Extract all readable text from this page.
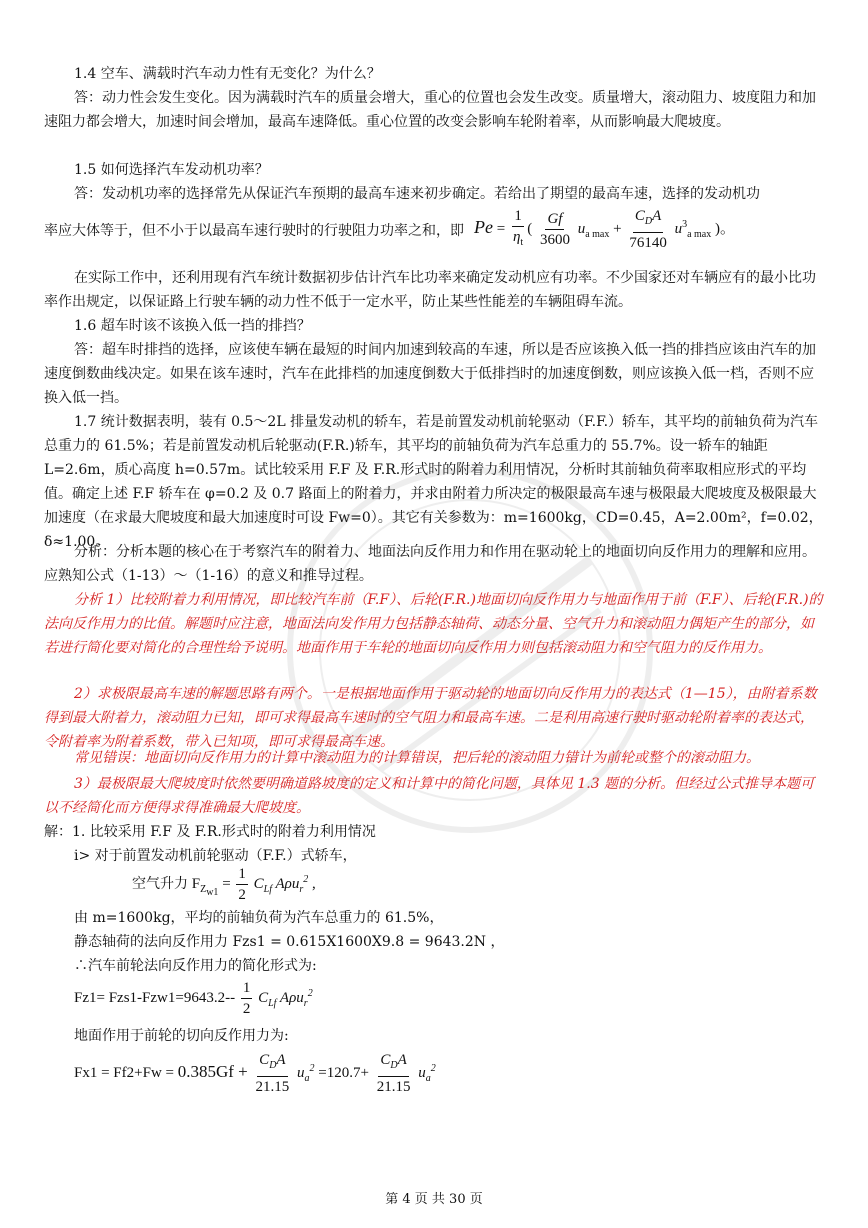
1.4 空车、满载时汽车动力性有无变化？为什么？

答：动力性会发生变化。因为满载时汽车的质量会增大，重心的位置也会发生改变。质量增大，滚动阻力、坡度阻力和加速阻力都会增大，加速时间会增加，最高车速降低。重心位置的改变会影响车轮附着率，从而影响最大爬坡度。

1.5 如何选择汽车发动机功率？

答：发动机功率的选择常先从保证汽车预期的最高车速来初步确定。若给出了期望的最高车速，选择的发动机功

率应大体等于，但不小于以最高车速行驶时的行驶阻力功率之和，即 $Pe = \frac{1}{\eta_t}$ ( $\frac{Gf}{3600} u_{a max} + \frac{C_DA}{76140} u^3_{a max}$ )。

在实际工作中，还利用现有汽车统计数据初步估计汽车比功率来确定发动机应有功率。不少国家还对车辆应有的最小比功率作出规定，以保证路上行驶车辆的动力性不低于一定水平，防止某些性能差的车辆阻碍车流。

1.6 超车时该不该换入低一挡的排挡？

答：超车时排挡的选择，应该使车辆在最短的时间内加速到较高的车速，所以是否应该换入低一挡的排挡应该由汽车的加速度倒数曲线决定。如果在该车速时，汽车在此排档的加速度倒数大于低排挡时的加速度倒数，则应该换入低一档，否则不应换入低一挡。

1.7 统计数据表明，装有 0.5～2L 排量发动机的轿车，若是前置发动机前轮驱动（F.F.）轿车，其平均的前轴负荷为汽车总重力的 61.5%；若是前置发动机后轮驱动(F.R.)轿车，其平均的前轴负荷为汽车总重力的 55.7%。设一轿车的轴距 L=2.6m，质心高度 h=0.57m。试比较采用 F.F 及 F.R.形式时的附着力利用情况，分析时其前轴负荷率取相应形式的平均值。确定上述 F.F 轿车在 φ=0.2 及 0.7 路面上的附着力，并求由附着力所决定的极限最高车速与极限最大爬坡度及极限最大加速度（在求最大爬坡度和最大加速度时可设 Fw=0）。其它有关参数为：m=1600kg，CD=0.45，A=2.00m²，f=0.02，δ≈1.00。

分析：分析本题的核心在于考察汽车的附着力、地面法向反作用力和作用在驱动轮上的地面切向反作用力的理解和应用。应熟知公式（1-13）～（1-16）的意义和推导过程。

分析 1）比较附着力利用情况，即比较汽车前（F.F）、后轮(F.R.)地面切向反作用力与地面作用于前（F.F）、后轮(F.R.)的法向反作用力的比值。解题时应注意，地面法向发作用力包括静态轴荷、动态分量、空气升力和滚动阻力偶矩产生的部分，如若进行简化要对简化的合理性给予说明。地面作用于车轮的地面切向反作用力则包括滚动阻力和空气阻力的反作用力。

2）求极限最高车速的解题思路有两个。一是根据地面作用于驱动轮的地面切向反作用力的表达式（1—15），由附着系数得到最大附着力，滚动阻力已知，即可求得最高车速时的空气阻力和最高车速。二是利用高速行驶时驱动轮附着率的表达式，令附着率为附着系数，带入已知项，即可求得最高车速。

常见错误：地面切向反作用力的计算中滚动阻力的计算错误，把后轮的滚动阻力错计为前轮或整个的滚动阻力。

3）最极限最大爬坡度时依然要明确道路坡度的定义和计算中的简化问题，具体见 1.3 题的分析。但经过公式推导本题可以不经简化而方便得求得准确最大爬坡度。

解：1. 比较采用 F.F 及 F.R.形式时的附着力利用情况

i> 对于前置发动机前轮驱动（F.F.）式轿车，

空气升力 $F_{Z_{w1}} = \frac{1}{2} C_{Lf}$ Aρu$_r^2$ ,

由 m=1600kg，平均的前轴负荷为汽车总重力的 61.5%，

静态轴荷的法向反作用力 Fzs1 = 0.615X1600X9.8 = 9643.2N ，

∴汽车前轮法向反作用力的简化形式为:

$Fz1= Fzs1-Fzw1=9643.2-- \frac{1}{2} C_{Lf}$ Aρu$_r^2$

地面作用于前轮的切向反作用力为:

$Fx1 = Ff2+Fw = 0.385Gf + \frac{C_DA}{21.15} u_a^2 =120.7+ \frac{C_DA}{21.15} u_a^2$
第 4 页 共 30 页
